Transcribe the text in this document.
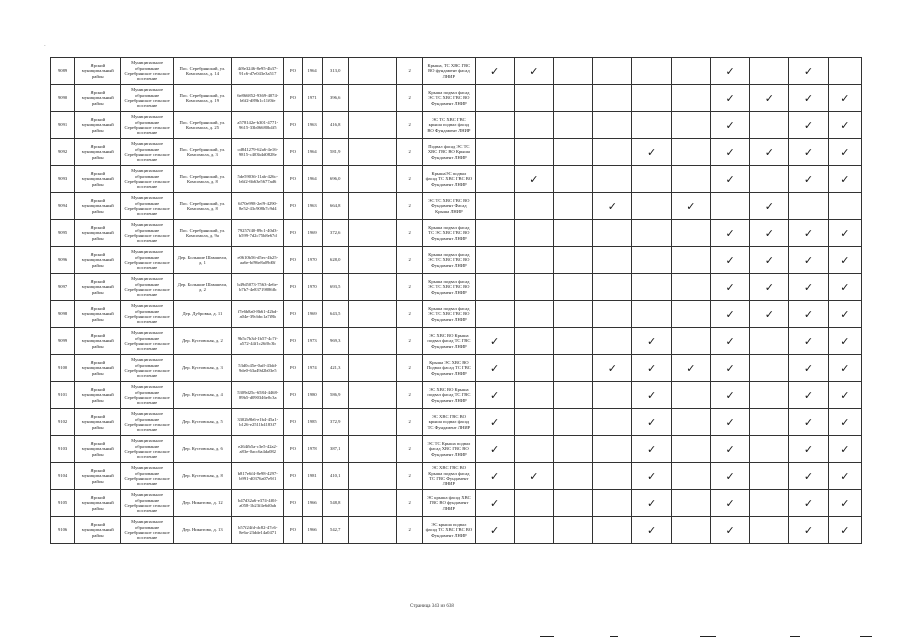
.
9089	Ярский муниципальный район	Муниципальное образование Серебрянское сельское поселение	Пос. Серебрянский, ул. Комсомола, д. 14	4f8e3246-8e95-4b37-91c6-d7e043e3a517	РО	1964	313,0		2	Крыша, ТС ХВС ГВС ВО фундамент фасад ЛНИР	✓	✓					✓		✓	
9090	Ярский муниципальный район	Муниципальное образование Серебрянское сельское поселение	Пос. Серебрянский, ул. Комсомола, д. 19	6e866852-9369-4074-b6f2-d89b1c11f0fe	РО	1971	396,6		2	Крыша подвал фасад ЭС ТС ХВС ГВС ВО Фундамент ЛНИР							✓	✓	✓	✓
9091	Ярский муниципальный район	Муниципальное образование Серебрянское сельское поселение	Пос. Серебрянский, ул. Комсомола, д. 25	a578142e-b301-4771-9615-33b06680b4f5	РО	1963	416,8		2	ЭС ТС ХВС ГВС крыша подвал фасад ВО Фундамент ЛНИР							✓		✓	✓
9092	Ярский муниципальный район	Муниципальное образование Серебрянское сельское поселение	Пос. Серебрянский, ул. Комсомола, д. 3	cd841279-62a6-4e16-9815-c403b4d0828e	РО	1964	581,9		2	Подвал фасад ЭС ТС ХВС ГВС ВО Крыша Фундамент ЛНИР					✓		✓	✓	✓	✓
9093	Ярский муниципальный район	Муниципальное образование Серебрянское сельское поселение	Пос. Серебрянский, ул. Комсомола, д. 8	5de59036-11ab-426c-b6f2-6b63e5677ad6	РО	1964	696,0		2	КрышаЭС подвал фасад ТС ХВС ГВС ВО Фундамент ЛНИР		✓					✓		✓	✓
9094	Ярский муниципальный район	Муниципальное образование Серебрянское сельское поселение	Пос. Серебрянский, ул. Комсомола, д. 8	6f70e998-2ef9-4290-8e52-43c908b7c9d4	РО	1963	664,8		2	ЭС ТС ХВС ГВС ВО Фундамент Фасад Крыша ЛНИР				✓		✓		✓		
9095	Ярский муниципальный район	Муниципальное образование Серебрянское сельское поселение	Пос. Серебрянский, ул. Комсомола, д. 9а	79257f40-89c1-40d3-b599-7d2c75b8e67d	РО	1969	372,6		2	Крыша подвал фасад ТС ЭС ХВС ГВС ВО Фундамент ЛНИР							✓	✓	✓	✓
9096	Ярский муниципальный район	Муниципальное образование Серебрянское сельское поселение	Дер. Большие Шамшели, д. 1	e0610b56-d5ec-4b25-aa6e-bf96e8a09d0f	РО	1970	628,0		2	Крыша подвал фасад ЭС ТС ХВС ГВС ВО Фундамент ЛНИР							✓	✓	✓	✓
9097	Ярский муниципальный район	Муниципальное образование Серебрянское сельское поселение	Дер. Большие Шамшели, д. 2	b49d5073-7563-4e6e-b7b7-4e83719886fb	РО	1970	693,5		2	Крыша подвал фасад ЭС ТС ХВС ГВС ВО Фундамент ЛНИР							✓	✓	✓	✓
9098	Ярский муниципальный район	Муниципальное образование Серебрянское сельское поселение	Дер. Дубровка, д. 11	f7e6b8a0-8b61-42bd-a04e-39cbbc1a7f8b	РО	1969	643,5		2	Крыша подвал фасад ЭС ТС ХВС ГВС ВО Фундамент ЛНИР							✓	✓	✓	✓
9099	Ярский муниципальный район	Муниципальное образование Серебрянское сельское поселение	Дер. Кустовская, д. 2	9b5c7b3d-1b57-4c7f-a572-44f1c26f0c3b	РО	1973	969,3		2	ЭС ХВС ВО Крыша подвал фасад ТС ГВС Фундамент ЛНИР	✓				✓		✓		✓	✓
9100	Ярский муниципальный район	Муниципальное образование Серебрянское сельское поселение	Дер. Кустовская, д. 3	53d0c45e-0aff-43dd-9de0-63a49d2b03e5	РО	1974	421,3		2	Крыша ЭС ХВС ВО Подвал фасад ТС ГВС Фундамент ЛНИР	✓			✓	✓	✓	✓		✓	✓
9101	Ярский муниципальный район	Муниципальное образование Серебрянское сельское поселение	Дер. Кустовская, д. 4	5309d25c-6584-4468-89b5-d090346e0c3a	РО	1980	586,9		2	ЭС ХВС ВО Крыша подвал фасад ТС ГВС Фундамент ЛНИР	✓				✓		✓		✓	✓
9102	Ярский муниципальный район	Муниципальное образование Серебрянское сельское поселение	Дер. Кустовская, д. 5	3302b9b6-e1b4-45a1-b126-e2511b4183f7	РО	1985	372,9		2	ЭС ХВС ГВС ВО крыша подвал фасад ТС Фундамент ЛНИР	✓				✓		✓		✓	✓
9103	Ярский муниципальный район	Муниципальное образование Серебрянское сельское поселение	Дер. Кустовская, д. 6	e264fb5a-c3e5-42a2-a83e-0acc6a4da082	РО	1978	387,1		2	ЭС ТС Крыша подвал фасад ХВС ГВС ВО Фундамент ЛНИР	✓				✓		✓		✓	✓
9104	Ярский муниципальный район	Муниципальное образование Серебрянское сельское поселение	Дер. Кустовская, д. 8	b817e6f4-8e98-4297-b991-d0376a07e9f1	РО	1981	410,1		2	ЭС ХВС ГВС ВО Крыша подвал фасад ТС ГВС Фундамент ЛНИР	✓	✓			✓		✓		✓	✓
9105	Ярский муниципальный район	Муниципальное образование Серебрянское сельское поселение	Дер. Никитово, д. 12	b47d32a6-e374-4f0f-a058-1b23f4e6d0ab	РО	1966	548,8		2	ЭС крыша фасад ХВС ГВС ВО фундамент ЛНИР	✓				✓		✓		✓	✓
9106	Ярский муниципальный район	Муниципальное образование Серебрянское сельское поселение	Дер. Никитово, д. 13	b57f24fd-dc82-47c6-8e6a-23dde14a0471	РО	1966	542,7		2	ЭС крыша подвал фасад ТС ХВС ГВС ВО Фундамент ЛНИР	✓				✓		✓		✓	✓
Страница 343 из 638
